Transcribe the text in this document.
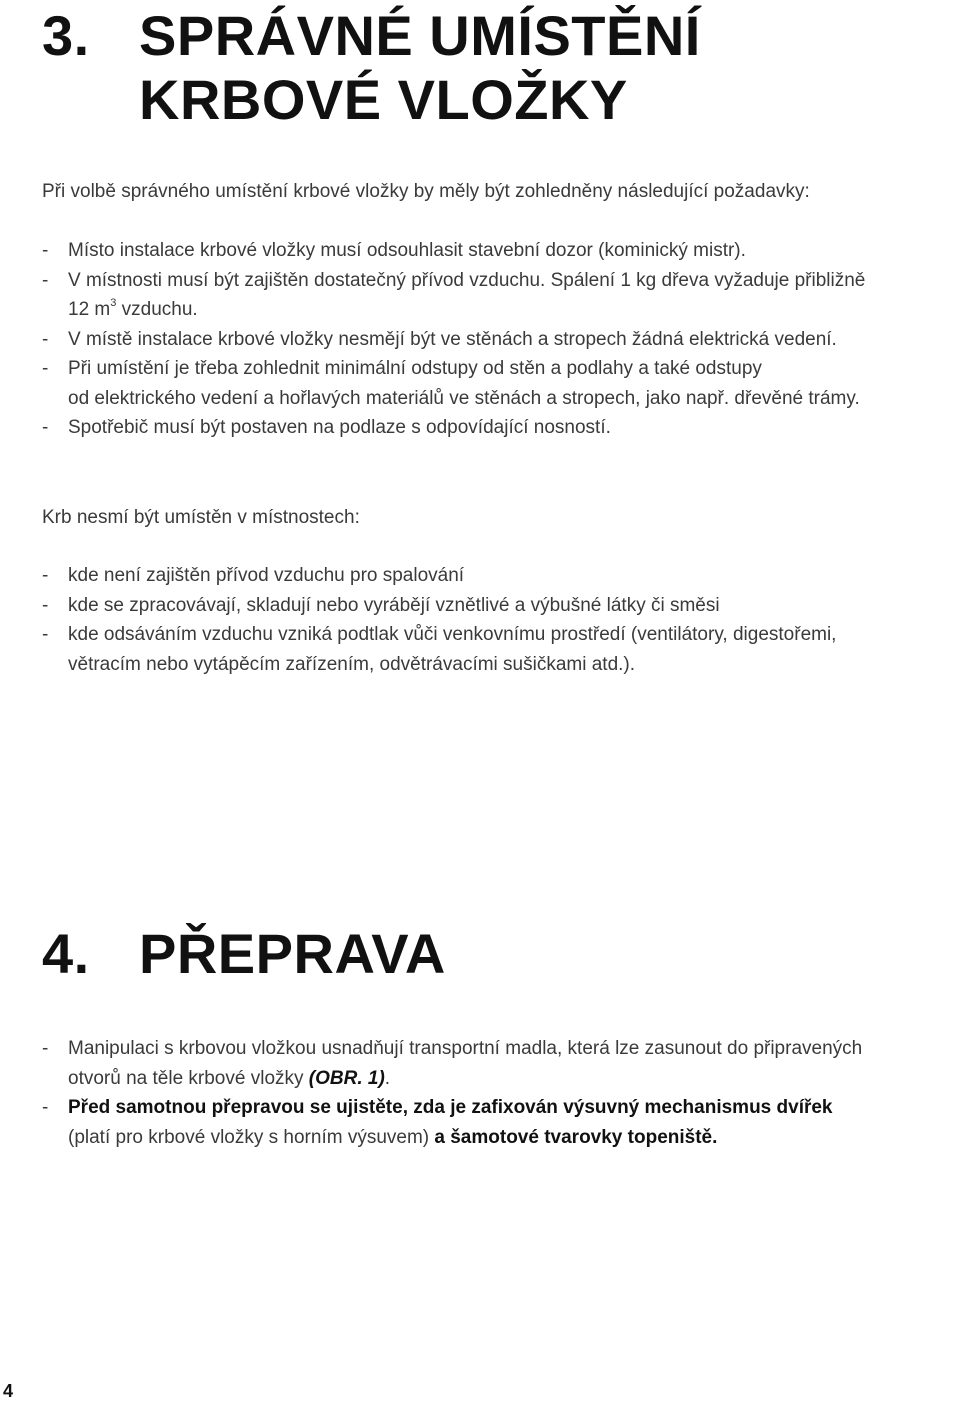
3. SPRÁVNÉ UMÍSTĚNÍ
KRBOVÉ VLOŽKY

Při volbě správného umístění krbové vložky by měly být zohledněny následující požadavky:

- Místo instalace krbové vložky musí odsouhlasit stavební dozor (kominický mistr).
- V místnosti musí být zajištěn dostatečný přívod vzduchu. Spálení 1 kg dřeva vyžaduje přibližně
12 $m^3$ vzduchu.
- V místě instalace krbové vložky nesmějí být ve stěnách a stropech žádná elektrická vedení.
- Při umístění je třeba zohlednit minimální odstupy od stěn a podlahy a také odstupy
od elektrického vedení a hořlavých materiálů ve stěnách a stropech, jako např. dřevěné trámy.
- Spotřebič musí být postaven na podlaze s odpovídající nosností.

Krb nesmí být umístěn v místnostech:

- kde není zajištěn přívod vzduchu pro spalování
- kde se zpracovávají, skladují nebo vyrábějí vznětlivé a výbušné látky či směsi
- kde odsáváním vzduchu vzniká podtlak vůči venkovnímu prostředí (ventilátory, digestořemi,
větracím nebo vytápěcím zařízením, odvětrávacími sušičkami atd.).
4. PŘEPRAVA
- Manipulaci s krbovou vložkou usnadňují transportní madla, která lze zasunout do připravených
otvorů na těle krbové vložky (OBR. 1).
- Před samotnou přepravou se ujistěte, zda je zafixován výsuvný mechanismus dvířek
(platí pro krbové vložky s horním výsuvem) a šamotové tvarovky topeniště.
4
